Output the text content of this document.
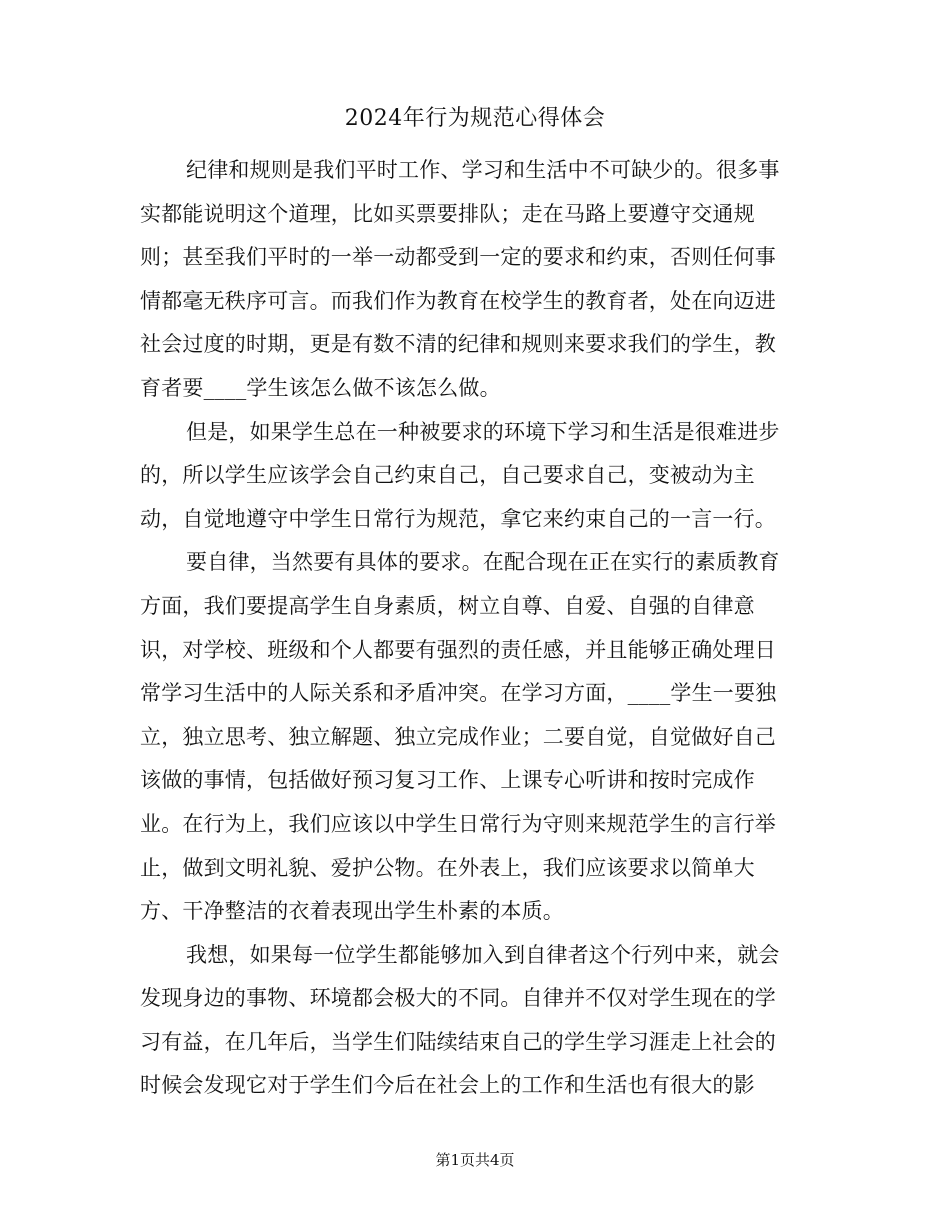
2024年行为规范心得体会
纪律和规则是我们平时工作、学习和生活中不可缺少的。很多事
实都能说明这个道理，比如买票要排队；走在马路上要遵守交通规
则；甚至我们平时的一举一动都受到一定的要求和约束，否则任何事
情都毫无秩序可言。而我们作为教育在校学生的教育者，处在向迈进
社会过度的时期，更是有数不清的纪律和规则来要求我们的学生，教
育者要____学生该怎么做不该怎么做。
但是，如果学生总在一种被要求的环境下学习和生活是很难进步
的，所以学生应该学会自己约束自己，自己要求自己，变被动为主
动，自觉地遵守中学生日常行为规范，拿它来约束自己的一言一行。
要自律，当然要有具体的要求。在配合现在正在实行的素质教育
方面，我们要提高学生自身素质，树立自尊、自爱、自强的自律意
识，对学校、班级和个人都要有强烈的责任感，并且能够正确处理日
常学习生活中的人际关系和矛盾冲突。在学习方面，____学生一要独
立，独立思考、独立解题、独立完成作业；二要自觉，自觉做好自己
该做的事情，包括做好预习复习工作、上课专心听讲和按时完成作
业。在行为上，我们应该以中学生日常行为守则来规范学生的言行举
止，做到文明礼貌、爱护公物。在外表上，我们应该要求以简单大
方、干净整洁的衣着表现出学生朴素的本质。
我想，如果每一位学生都能够加入到自律者这个行列中来，就会
发现身边的事物、环境都会极大的不同。自律并不仅对学生现在的学
习有益，在几年后，当学生们陆续结束自己的学生学习涯走上社会的
时候会发现它对于学生们今后在社会上的工作和生活也有很大的影
第1页共4页
